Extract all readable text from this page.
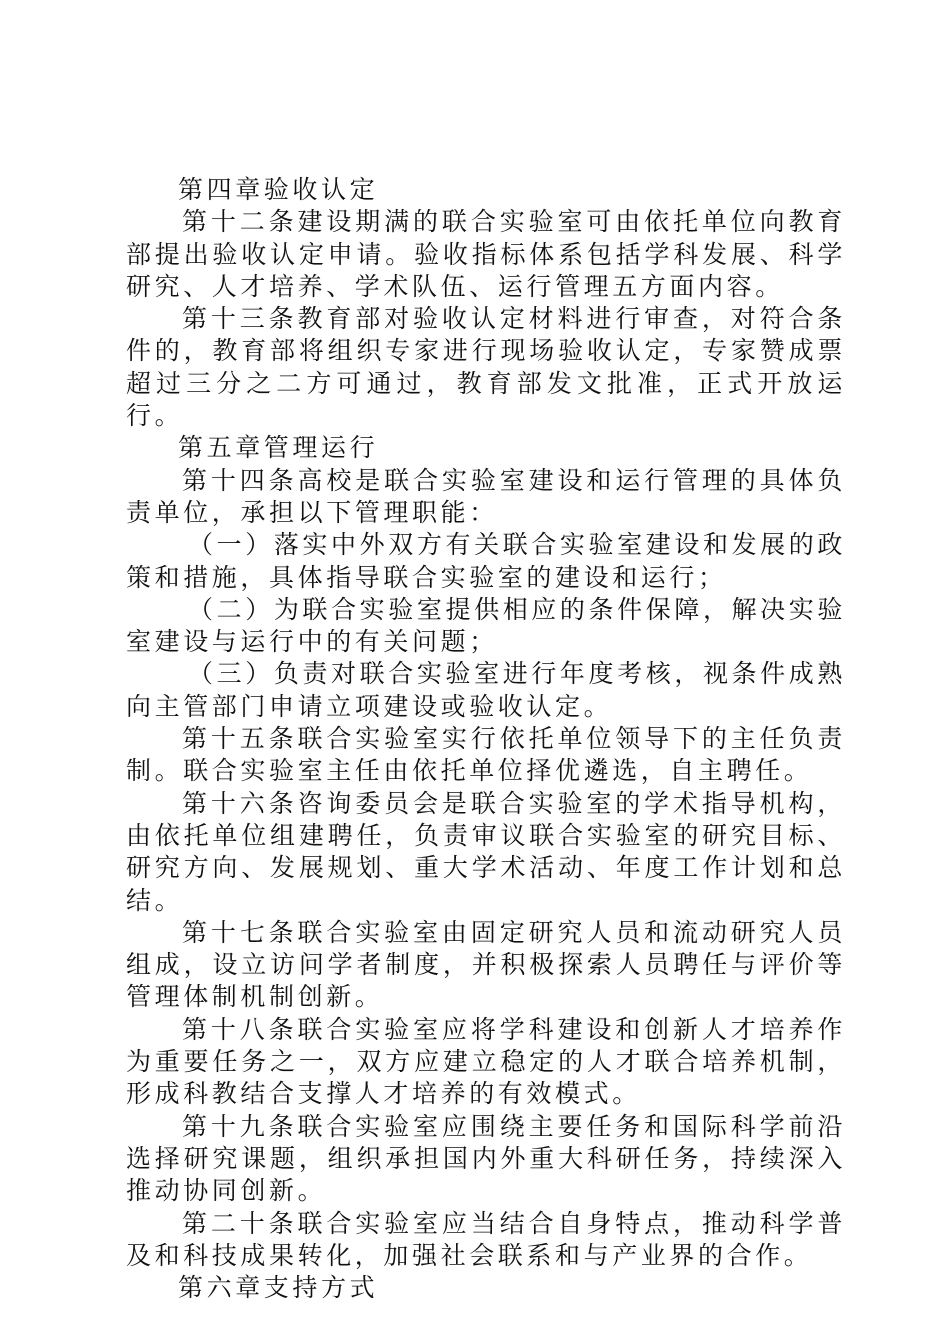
第四章验收认定

第十二条建设期满的联合实验室可由依托单位向教育部提出验收认定申请。验收指标体系包括学科发展、科学研究、人才培养、学术队伍、运行管理五方面内容。

第十三条教育部对验收认定材料进行审查，对符合条件的，教育部将组织专家进行现场验收认定，专家赞成票超过三分之二方可通过，教育部发文批准，正式开放运行。

第五章管理运行

第十四条高校是联合实验室建设和运行管理的具体负责单位，承担以下管理职能：

（一）落实中外双方有关联合实验室建设和发展的政策和措施，具体指导联合实验室的建设和运行；

（二）为联合实验室提供相应的条件保障，解决实验室建设与运行中的有关问题；

（三）负责对联合实验室进行年度考核，视条件成熟向主管部门申请立项建设或验收认定。

第十五条联合实验室实行依托单位领导下的主任负责制。联合实验室主任由依托单位择优遴选，自主聘任。

第十六条咨询委员会是联合实验室的学术指导机构，由依托单位组建聘任，负责审议联合实验室的研究目标、研究方向、发展规划、重大学术活动、年度工作计划和总结。

第十七条联合实验室由固定研究人员和流动研究人员组成，设立访问学者制度，并积极探索人员聘任与评价等管理体制机制创新。

第十八条联合实验室应将学科建设和创新人才培养作为重要任务之一，双方应建立稳定的人才联合培养机制，形成科教结合支撑人才培养的有效模式。

第十九条联合实验室应围绕主要任务和国际科学前沿选择研究课题，组织承担国内外重大科研任务，持续深入推动协同创新。

第二十条联合实验室应当结合自身特点，推动科学普及和科技成果转化，加强社会联系和与产业界的合作。

第六章支持方式
